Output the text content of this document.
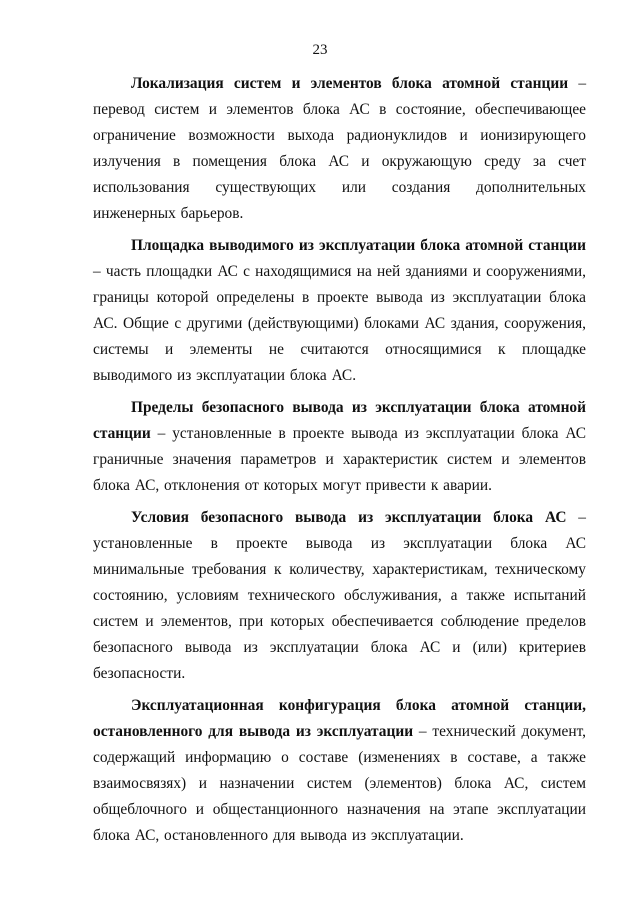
23

Локализация систем и элементов блока атомной станции – перевод систем и элементов блока АС в состояние, обеспечивающее ограничение возможности выхода радионуклидов и ионизирующего излучения в помещения блока АС и окружающую среду за счет использования существующих или создания дополнительных инженерных барьеров.

Площадка выводимого из эксплуатации блока атомной станции – часть площадки АС с находящимися на ней зданиями и сооружениями, границы которой определены в проекте вывода из эксплуатации блока АС. Общие с другими (действующими) блоками АС здания, сооружения, системы и элементы не считаются относящимися к площадке выводимого из эксплуатации блока АС.

Пределы безопасного вывода из эксплуатации блока атомной станции – установленные в проекте вывода из эксплуатации блока АС граничные значения параметров и характеристик систем и элементов блока АС, отклонения от которых могут привести к аварии.

Условия безопасного вывода из эксплуатации блока АС – установленные в проекте вывода из эксплуатации блока АС минимальные требования к количеству, характеристикам, техническому состоянию, условиям технического обслуживания, а также испытаний систем и элементов, при которых обеспечивается соблюдение пределов безопасного вывода из эксплуатации блока АС и (или) критериев безопасности.

Эксплуатационная конфигурация блока атомной станции, остановленного для вывода из эксплуатации – технический документ, содержащий информацию о составе (изменениях в составе, а также взаимосвязях) и назначении систем (элементов) блока АС, систем общеблочного и общестанционного назначения на этапе эксплуатации блока АС, остановленного для вывода из эксплуатации.
